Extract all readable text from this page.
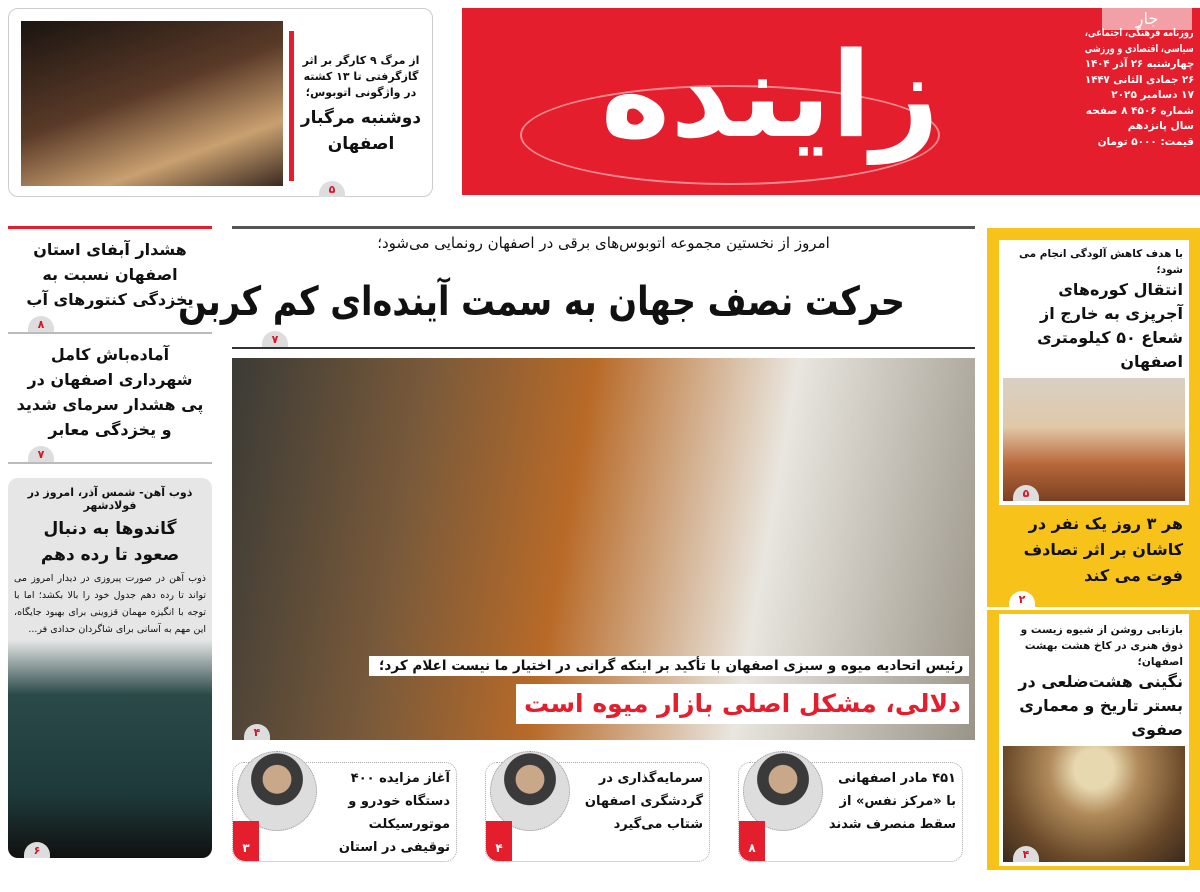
از مرگ ۹ کارگر بر اثر گازگرفتی تا ۱۳ کشته در واژگونی اتوبوس؛
دوشنبه مرگبار اصفهان
۵
جار
زاینده	روزنامه فرهنگی، اجتماعی، سیاسی، اقتصادی و ورزشی چهارشنبه ۲۶ آذر ۱۴۰۴ ۲۶ جمادی الثانی ۱۴۴۷ ۱۷ دسامبر ۲۰۲۵ شماره ۴۵۰۶ ۸ صفحه سال پانزدهم قیمت: ۵۰۰۰ تومان
هشدار آبفای استان اصفهان نسبت به یخزدگی کنتورهای آب
۸
آماده‌باش کامل شهرداری اصفهان در پی هشدار سرمای شدید و یخزدگی معابر
۷
ذوب آهن- شمس آذر، امروز در فولادشهر
گاندوها به دنبال صعود تا رده دهم
ذوب آهن در صورت پیروزی در دیدار امروز می تواند تا رده دهم جدول خود را بالا بکشد؛ اما با توجه با انگیزه مهمان قزوینی برای بهبود جایگاه، این مهم به آسانی برای شاگردان حدادی فر...
۶
امروز از نخستین مجموعه اتوبوس‌های برقی در اصفهان رونمایی می‌شود؛
حرکت نصف جهان به سمت آینده‌ای کم کربن
۷
رئیس اتحادیه میوه و سبزی اصفهان با تأکید بر اینکه گرانی در اختیار ما نیست اعلام کرد؛
دلالی، مشکل اصلی بازار میوه است
۴
۴۵۱ مادر اصفهانی با «مرکز نفس» از سقط منصرف شدند
۸
سرمایه‌گذاری در گردشگری اصفهان شتاب می‌گیرد
۴
آغاز مزایده ۴۰۰ دستگاه خودرو و موتورسیکلت توقیفی در استان
۳
با هدف کاهش آلودگی انجام می شود؛
انتقال کوره‌های آجرپزی به خارج از شعاع ۵۰ کیلومتری اصفهان
۵
هر ۳ روز یک نفر در کاشان بر اثر تصادف فوت می کند
۲
بازتابی روشن از شیوه زیست و ذوق هنری در کاخ هشت بهشت اصفهان؛
نگینی هشت‌ضلعی در بستر تاریخ و معماری صفوی
۴
